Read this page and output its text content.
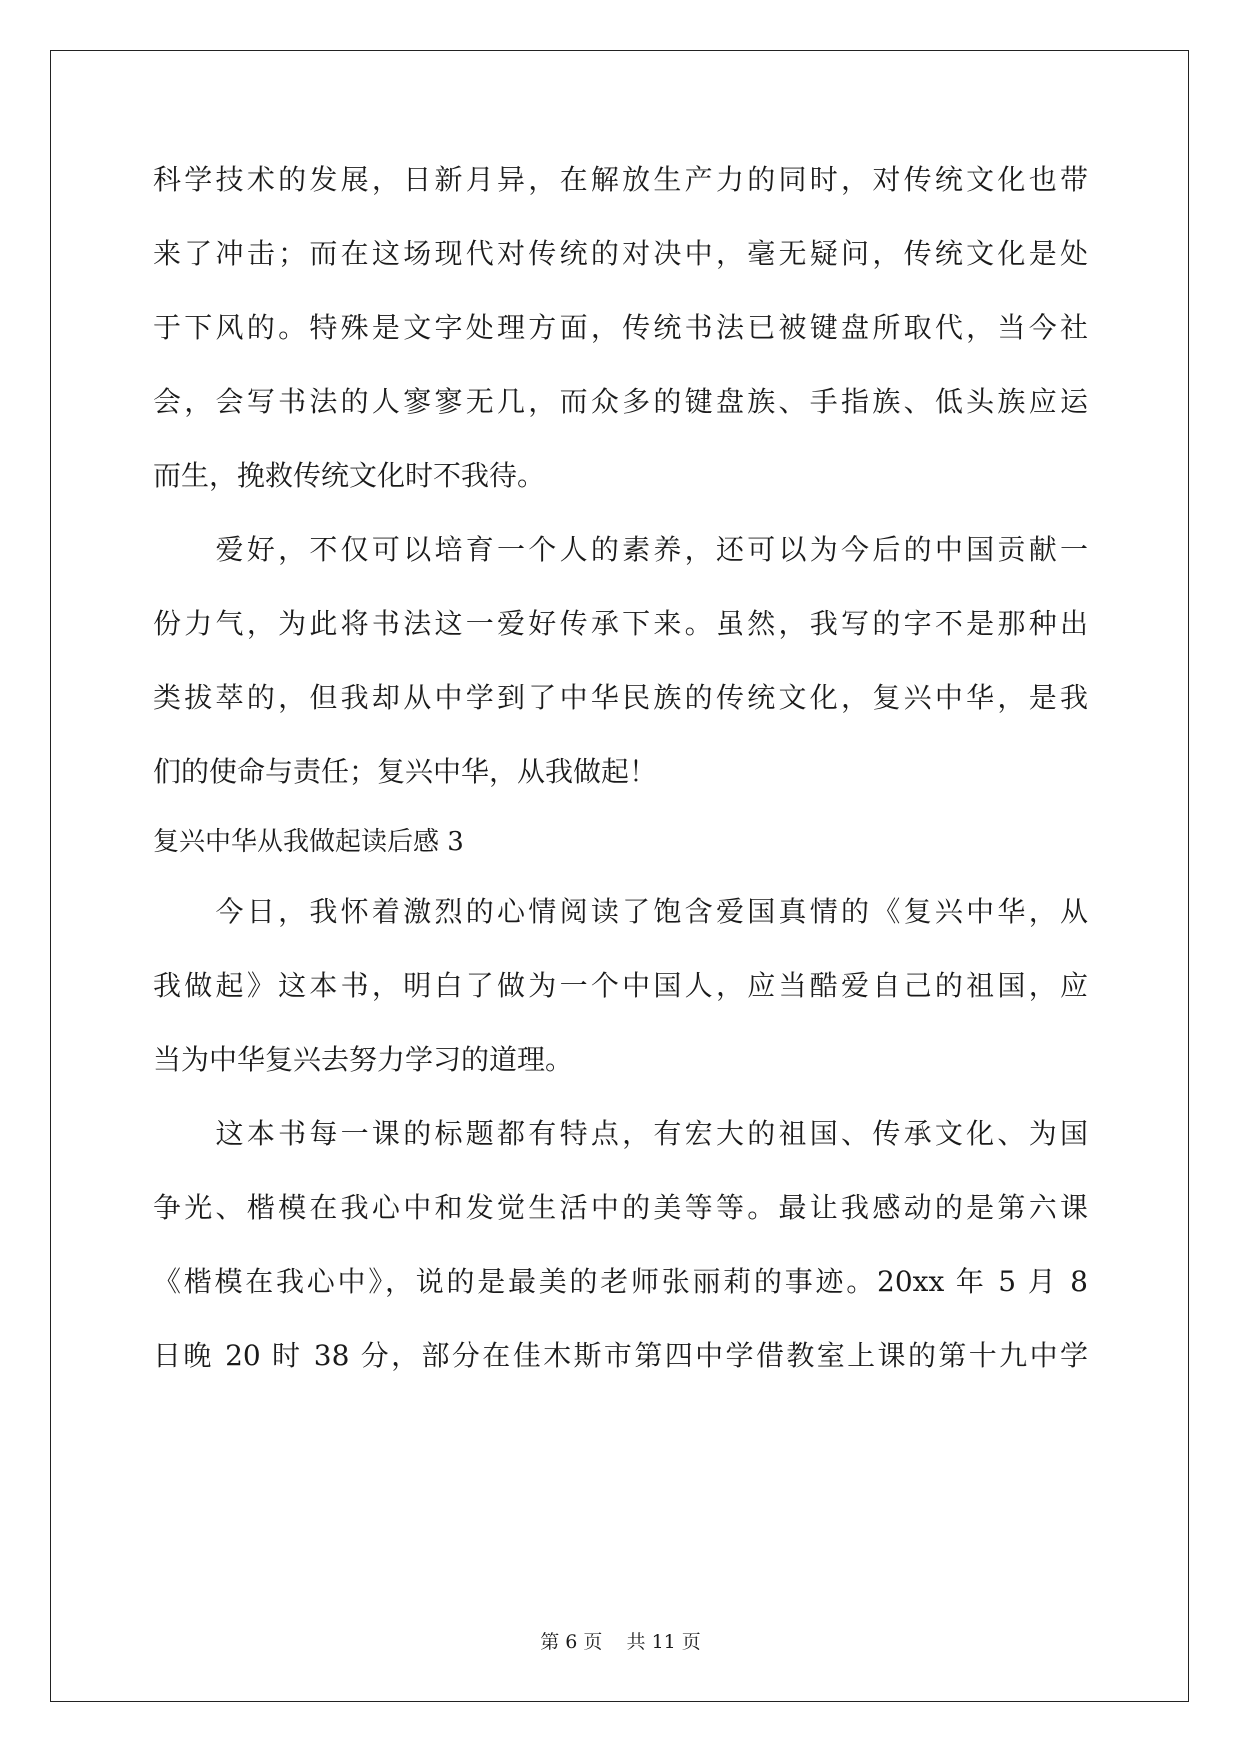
科学技术的发展，日新月异，在解放生产力的同时，对传统文化也带
来了冲击；而在这场现代对传统的对决中，毫无疑问，传统文化是处
于下风的。特殊是文字处理方面，传统书法已被键盘所取代，当今社
会，会写书法的人寥寥无几，而众多的键盘族、手指族、低头族应运
而生，挽救传统文化时不我待。
　　爱好，不仅可以培育一个人的素养，还可以为今后的中国贡献一
份力气，为此将书法这一爱好传承下来。虽然，我写的字不是那种出
类拔萃的，但我却从中学到了中华民族的传统文化，复兴中华，是我
们的使命与责任；复兴中华，从我做起！
复兴中华从我做起读后感 3
　　今日，我怀着激烈的心情阅读了饱含爱国真情的《复兴中华，从
我做起》这本书，明白了做为一个中国人，应当酷爱自己的祖国，应
当为中华复兴去努力学习的道理。
　　这本书每一课的标题都有特点，有宏大的祖国、传承文化、为国
争光、楷模在我心中和发觉生活中的美等等。最让我感动的是第六课
《楷模在我心中》，说的是最美的老师张丽莉的事迹。20xx 年 5 月 8
日晚 20 时 38 分，部分在佳木斯市第四中学借教室上课的第十九中学
第 6 页    共 11 页
